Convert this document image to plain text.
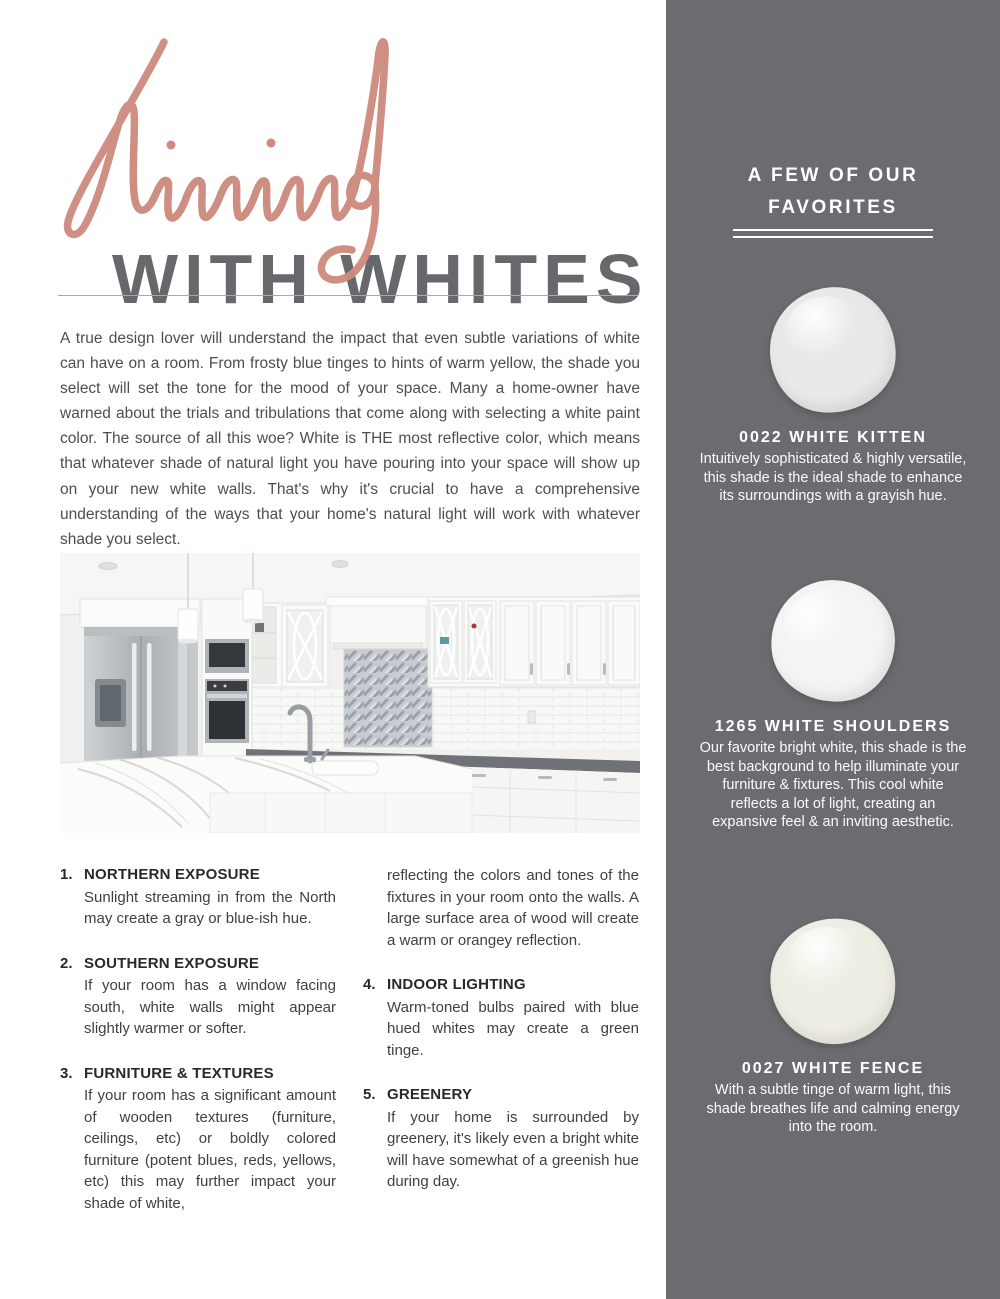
WITH WHITES

A true design lover will understand the impact that even subtle variations of white can have on a room. From frosty blue tinges to hints of warm yellow, the shade you select will set the tone for the mood of your space. Many a home-owner have warned about the trials and tribulations that come along with selecting a white paint color. The source of all this woe? White is THE most reflective color, which means that whatever shade of natural light you have pouring into your space will show up on your new white walls. That's why it's crucial to have a comprehensive understanding of the ways that your home's natural light will work with whatever shade you select.

1. NORTHERN EXPOSURE

Sunlight streaming in from the North may create a gray or blue-ish hue.

2. SOUTHERN EXPOSURE

If your room has a window facing south, white walls might appear slightly warmer or softer.

3. FURNITURE & TEXTURES

If your room has a significant amount of wooden textures (furniture, ceilings, etc) or boldly colored furniture (potent blues, reds, yellows, etc) this may further impact your shade of white,

reflecting the colors and tones of the fixtures in your room onto the walls. A large surface area of wood will create a warm or orangey reflection.

4. INDOOR LIGHTING

Warm-toned bulbs paired with blue hued whites may create a green tinge.

5. GREENERY

If your home is surrounded by greenery, it's likely even a bright white will have somewhat of a greenish hue during day.

A FEW OF OUR FAVORITES
0022 WHITE KITTEN

Intuitively sophisticated & highly versatile, this shade is the ideal shade to enhance its surroundings with a grayish hue.

1265 WHITE SHOULDERS

Our favorite bright white, this shade is the best background to help illuminate your furniture & fixtures. This cool white reflects a lot of light, creating an expansive feel & an inviting aesthetic.

0027 WHITE FENCE

With a subtle tinge of warm light, this shade breathes life and calming energy into the room.
